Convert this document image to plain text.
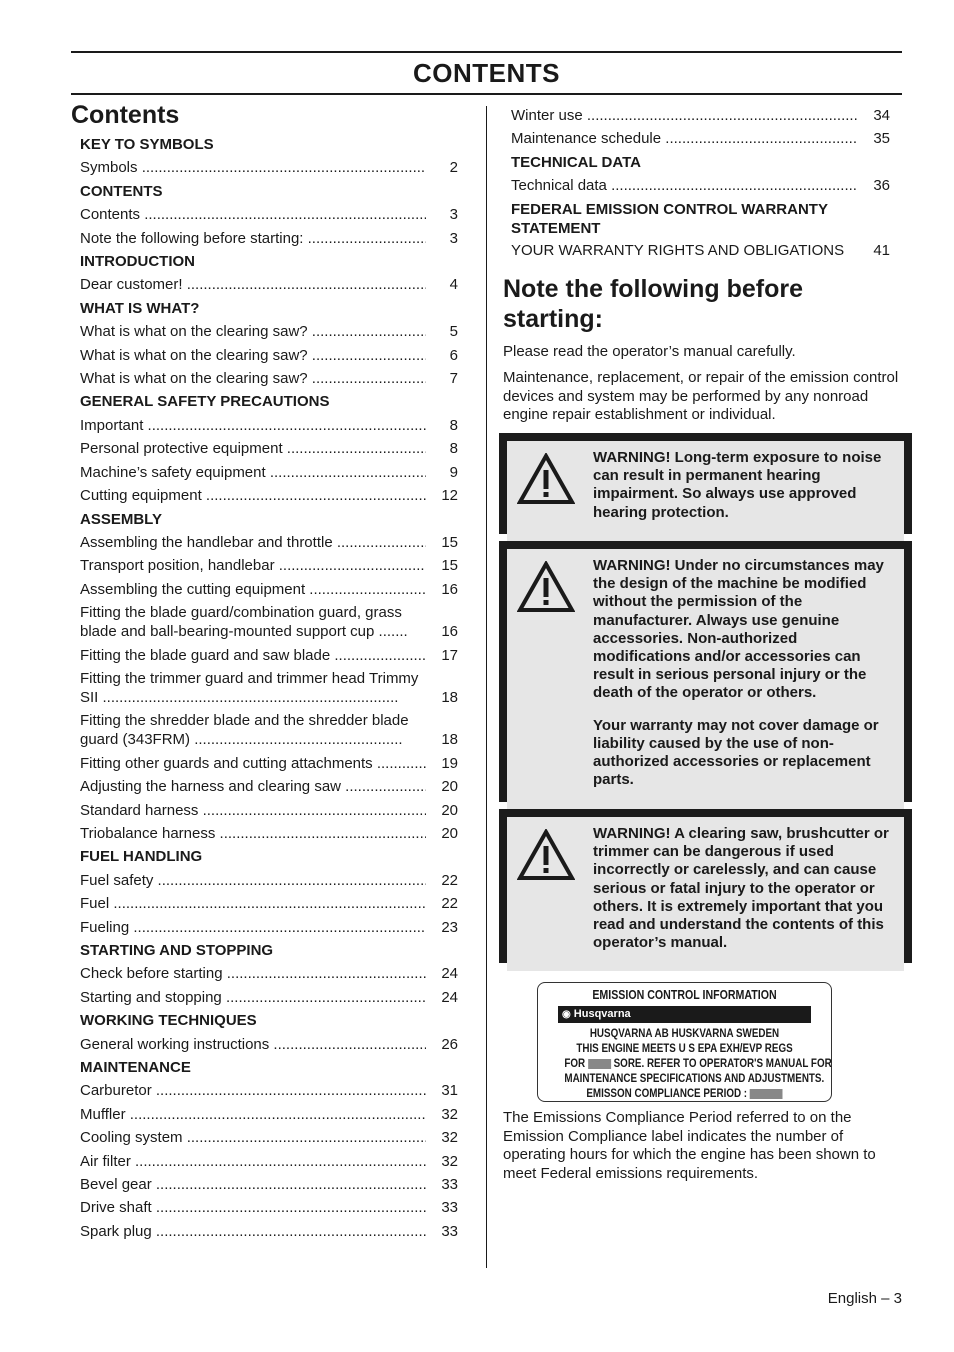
CONTENTS
Contents
KEY TO SYMBOLS
Symbols .....	2
CONTENTS
Contents .....	3
Note the following before starting: .....	3
INTRODUCTION
Dear customer! .....	4
WHAT IS WHAT?
What is what on the clearing saw? .....	5
What is what on the clearing saw? .....	6
What is what on the clearing saw? .....	7
GENERAL SAFETY PRECAUTIONS
Important .....	8
Personal protective equipment .....	8
Machine’s safety equipment .....	9
Cutting equipment .....	12
ASSEMBLY
Assembling the handlebar and throttle .....	15
Transport position, handlebar .....	15
Assembling the cutting equipment .....	16
Fitting the blade guard/combination guard, grass blade and ball-bearing-mounted support cup .......	16
Fitting the blade guard and saw blade .....	17
Fitting the trimmer guard and trimmer head Trimmy SII .......................................................................	18
Fitting the shredder blade and the shredder blade guard (343FRM) ..................................................	18
Fitting other guards and cutting attachments .....	19
Adjusting the harness and clearing saw .....	20
Standard harness .....	20
Triobalance harness .....	20
FUEL HANDLING
Fuel safety .....	22
Fuel .....	22
Fueling .....	23
STARTING AND STOPPING
Check before starting .....	24
Starting and stopping .....	24
WORKING TECHNIQUES
General working instructions .....	26
MAINTENANCE
Carburetor .....	31
Muffler .....	32
Cooling system .....	32
Air filter .....	32
Bevel gear .....	33
Drive shaft .....	33
Spark plug .....	33
Winter use .....	34
Maintenance schedule .....	35
TECHNICAL DATA
Technical data .....	36
FEDERAL EMISSION CONTROL WARRANTY STATEMENT
YOUR WARRANTY RIGHTS AND OBLIGATIONS	41
Note the following before
starting:
Please read the operator’s manual carefully.
Maintenance, replacement, or repair of the emission control devices and system may be performed by any nonroad engine repair establishment or individual.

WARNING! Long-term exposure to noise can result in permanent hearing impairment. So always use approved hearing protection.

WARNING! Under no circumstances may the design of the machine be modified without the permission of the manufacturer. Always use genuine accessories. Non-authorized modifications and/or accessories can result in serious personal injury or the death of the operator or others.

Your warranty may not cover damage or liability caused by the use of non-authorized accessories or replacement parts.

WARNING! A clearing saw, brushcutter or trimmer can be dangerous if used incorrectly or carelessly, and can cause serious or fatal injury to the operator or others. It is extremely important that you read and understand the contents of this operator’s manual.

EMISSION CONTROL INFORMATION
◉ Husqvarna
HUSQVARNA AB HUSKVARNA SWEDEN
THIS ENGINE MEETS U S EPA EXH/EVP REGS
FOR SORE. REFER TO OPERATOR'S MANUAL FOR
MAINTENANCE SPECIFICATIONS AND ADJUSTMENTS.
EMISSON COMPLIANCE PERIOD :
The Emissions Compliance Period referred to on the Emission Compliance label indicates the number of operating hours for which the engine has been shown to meet Federal emissions requirements.
English – 3
